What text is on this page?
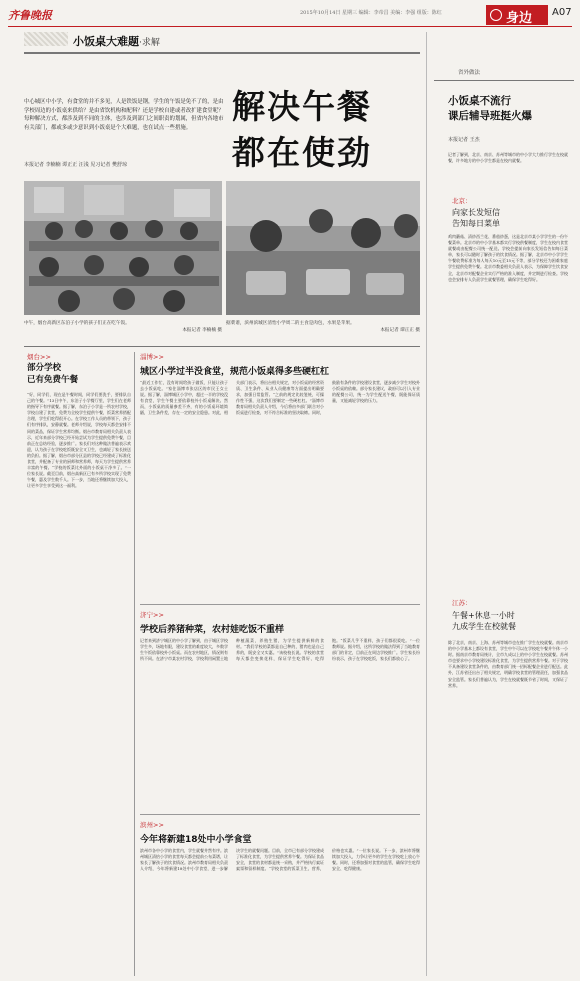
齐鲁晚报	2015年10月14日 星期三 编辑：李帝昌 美编：李强 组版：陈红	身边 A07
小饭桌大难题·求解
解决午餐
都在使劲
中心城区中小学，有食堂的并不多见，人是铁饭是钢，学生的午饭是免不了的，是由学校周边的小饭桌来供给？是由省饮机构和配料？还是学校自建或者改扩建食堂呢？每种解决方式，都涉及到不同的主体，也涉及到部门之间职责的划属，但省内各地市有关部门，都或多或少意识到小饭桌是个大难题，也在试点一些措施。
本报记者 李楠楠 谭正正 汪浅 见习记者 樊舒琼
中午，烟台高新区东泊子小学的孩子们正在吃午饭。
本报记者 李楠楠 摄
据菜谱，滨州滨城区清怡小学周二的主食是肉包，水果是苹果。
本报记者 谭正正 摄
烟台>>
部分学校
已有免费午餐
“好，同学们，现在是午餐时间，同学们要洗手，要排队自己的午餐。”13日中午，东泊子小学餐厅里，学生们在老师的指导下有序就餐。据了解，东泊子小学是一所农村学校，学校自建了食堂，免费为全校学生提供午餐，饭菜营养搭配合理，学生们吃得很开心。在学校工作人员的带领下，孩子们有序排队，安静就餐。老师介绍说，学校每天都会安排不同的菜品，保证学生营养均衡。烟台市教育局相关负责人表示，近年来部分学校已经开始尝试为学生提供免费午餐，目前正在总结经验，逐步推广。家长们对这种做法普遍表示欢迎，认为孩子在学校吃饭既安全又卫生，也减轻了家长接送的负担。据了解，烟台市部分区县的学校已经建成了标准化食堂，并配备了专业的厨师和营养师，每天为学生提供营养丰富的午餐。“学校的饭菜比外面的小饭桌干净多了。”一位家长说。截至目前，烟台高新区已有多所学校实现了免费午餐，惠及学生数千人。下一步，当地还将继续加大投入，让更多学生享受到这一福利。
淄博>>
城区小学过半没食堂，规范小饭桌得多些硬杠杠
“最近工作忙，没有时间给孩子做饭，只能让孩子去小饭桌吃。”家住淄博市张店区的市民王女士说。据了解，淄博城区小学中，超过一半的学校没有食堂，学生午餐主要依靠校外小饭桌解决。然而，小饭桌的质量参差不齐，有的小饭桌环境简陋，卫生条件差，存在一定的安全隐患。对此，相关部门表示，将出台相关规定，对小饭桌的经营资质、卫生条件、从业人员健康等方面提出明确要求，加强日常监管。“之前的规定比较笼统，可操作性不强，这次我们要制定一些硬杠杠。”淄博市教育局相关负责人介绍，今后将由多部门联合对小饭桌进行检查，对不符合标准的坚决取缔。同时，鼓励有条件的学校建设食堂，逐步减少学生对校外小饭桌的依赖。部分家长建议，政府可以引入专业的配餐公司，统一为学生配送午餐，既能保证质量，又能减轻学校的压力。
济宁>>
学校后养猪种菜，农村娃吃饭不重样
记者来到济宁城区的中小学了解到，由于城区学校学生多，场地有限，建设食堂的难度较大，多数学生午饭依靠校外小饭桌。而在农村地区，情况则有所不同。在济宁市某农村学校，学校利用闲置土地种植蔬菜，养殖生猪，为学生提供新鲜的食材。“我们学校的菜都是自己种的，猪肉也是自己养的，既安全又实惠。”该校校长说。学校的食堂每天都会变换花样，保证学生吃得好、吃得饱。“饭菜几乎不重样，孩子们都很爱吃。”一位教师说。据介绍，这所学校的做法得到了当地教育部门的肯定，目前正在周边学校推广。学生家长纷纷表示，孩子在学校吃饭，家长们都放心了。
滨州>>
今年将新建18处中小学食堂
滨州市各中小学的食堂内，学生就餐井然有序。滨州城区清怡小学的食堂每天都会提前公布菜谱，让家长了解孩子的饮食情况。滨州市教育局相关负责人介绍，今年将新建18处中小学食堂，进一步解决学生的就餐问题。目前，全市已有部分学校建成了标准化食堂，为学生提供营养午餐。为保证食品安全，食堂的食材都是统一采购，并严格执行索证索票和留样制度。“学校食堂的饭菜卫生、营养，价格也实惠。”一位家长说。下一步，滨州市将继续加大投入，力争让更多的学生在学校吃上放心午餐。同时，还将加强对食堂的监管，确保学生吃得安全、吃得健康。
省外做法
小饭桌不流行
课后辅导班挺火爆
本报记者 王杰
记者了解到，北京、南京、苏州等城市的中小学大力推行学生在校就餐，许多地方的中小学生都是在校内就餐。
北京：
向家长发短信
告知每日菜单
鸡肉蘑菇、清炒西兰花、番茄炒蛋，这是北京市某小学学生的一份午餐菜单。北京市的中小学基本都实行学校供餐制度，学生在校内食堂就餐或由配餐公司统一配送。学校会提前向家长发短信告知每日菜单，家长可以随时了解孩子的饮食情况。据了解，北京市中小学学生午餐收费标准为每人每天10元至15元不等，部分学校还为困难家庭学生提供免费午餐。北京市教委相关负责人表示，为保障学生饮食安全，北京市对配餐企业实行严格的准入制度，并定期进行检查。学校也会安排专人负责学生就餐管理，确保学生吃得好。
江苏：
午餐+休息一小时
九成学生在校就餐
除了北京，南京、上海、苏州等城市也在推广学生在校就餐。南京市的中小学基本上都设有食堂，学生中午可以在学校吃午餐并午休一小时。据南京市教育局统计，全市九成以上的中小学生在校就餐。苏州市也要求中小学校建设标准化食堂，为学生提供营养午餐。对于学校不具备建设食堂条件的，由教育部门统一招标配餐企业进行配送。此外，江苏省还出台了相关规定，明确学校食堂的管理责任，加强食品安全监管。家长们普遍认为，学生在校就餐既节省了时间，又保证了营养。
